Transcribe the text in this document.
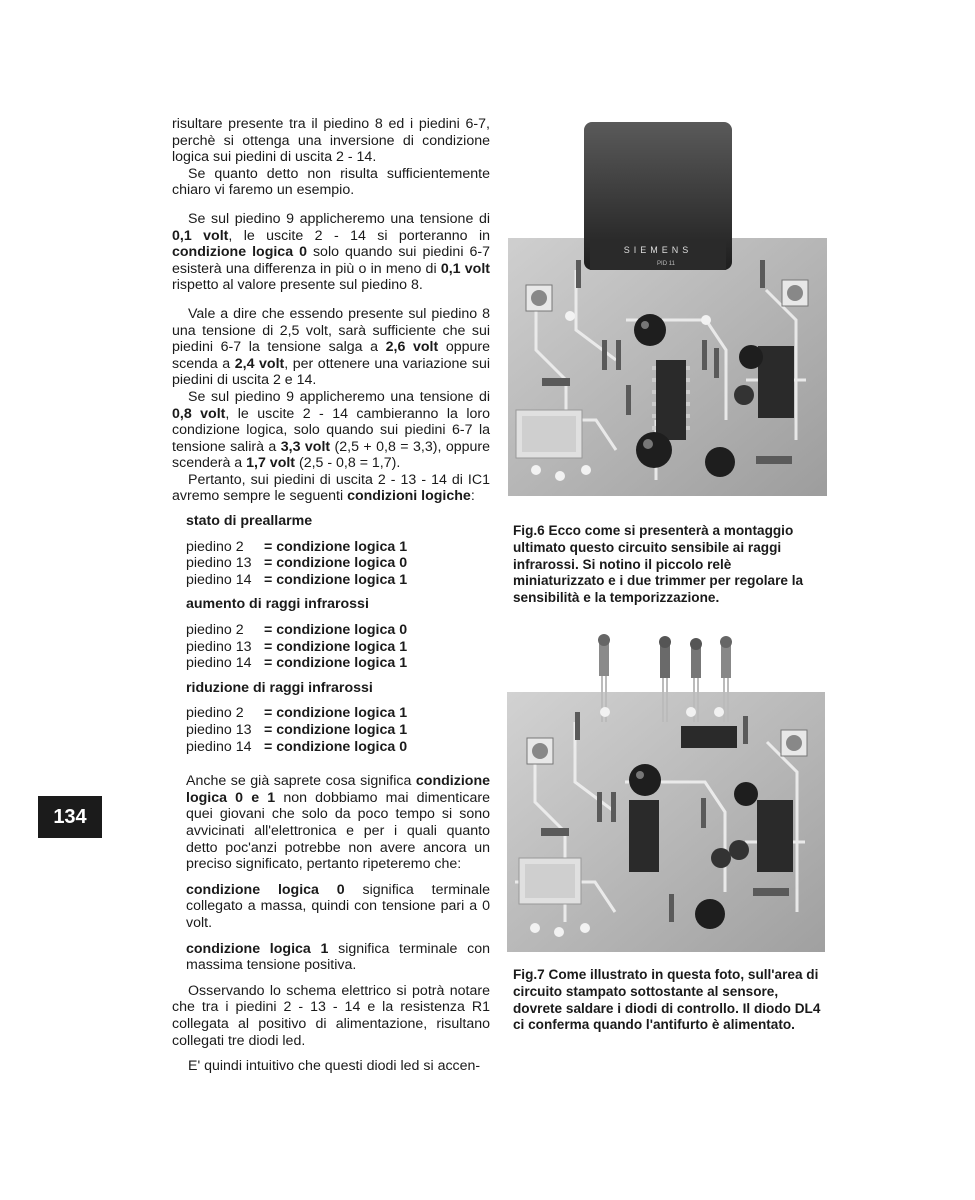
risultare presente tra il piedino 8 ed i piedini 6-7, perchè si ottenga una inversione di condizione logica sui piedini di uscita 2 - 14.

Se quanto detto non risulta sufficientemente chiaro vi faremo un esempio.

Se sul piedino 9 applicheremo una tensione di 0,1 volt, le uscite 2 - 14 si porteranno in condizione logica 0 solo quando sui piedini 6-7 esisterà una differenza in più o in meno di 0,1 volt rispetto al valore presente sul piedino 8.

Vale a dire che essendo presente sul piedino 8 una tensione di 2,5 volt, sarà sufficiente che sui piedini 6-7 la tensione salga a 2,6 volt oppure scenda a 2,4 volt, per ottenere una variazione sui piedini di uscita 2 e 14.

Se sul piedino 9 applicheremo una tensione di 0,8 volt, le uscite 2 - 14 cambieranno la loro condizione logica, solo quando sui piedini 6-7 la tensione salirà a 3,3 volt (2,5 + 0,8 = 3,3), oppure scenderà a 1,7 volt (2,5 - 0,8 = 1,7).

Pertanto, sui piedini di uscita 2 - 13 - 14 di IC1 avremo sempre le seguenti condizioni logiche:

stato di preallarme
piedino 2	= condizione logica 1
piedino 13 = condizione logica 0
piedino 14 = condizione logica 1
aumento di raggi infrarossi
piedino 2	= condizione logica 0
piedino 13 = condizione logica 1
piedino 14 = condizione logica 1
riduzione di raggi infrarossi
piedino 2	= condizione logica 1
piedino 13 = condizione logica 1
piedino 14 = condizione logica 0

Anche se già saprete cosa significa condizione logica 0 e 1 non dobbiamo mai dimenticare quei giovani che solo da poco tempo si sono avvicinati all'elettronica e per i quali quanto detto poc'anzi potrebbe non avere ancora un preciso significato, pertanto ripeteremo che:

condizione logica 0 significa terminale collegato a massa, quindi con tensione pari a 0 volt.

condizione logica 1 significa terminale con massima tensione positiva.

Osservando lo schema elettrico si potrà notare che tra i piedini 2 - 13 - 14 e la resistenza R1 collegata al positivo di alimentazione, risultano collegati tre diodi led.

E' quindi intuitivo che questi diodi led si accen-

134
SIEMENS
PID 11
Fig.6 Ecco come si presenterà a montaggio ultimato questo circuito sensibile ai raggi infrarossi. Si notino il piccolo relè miniaturizzato e i due trimmer per regolare la sensibilità e la temporizzazione.
Fig.7 Come illustrato in questa foto, sull'area di circuito stampato sottostante al sensore, dovrete saldare i diodi di controllo. Il diodo DL4 ci conferma quando l'antifurto è alimentato.
